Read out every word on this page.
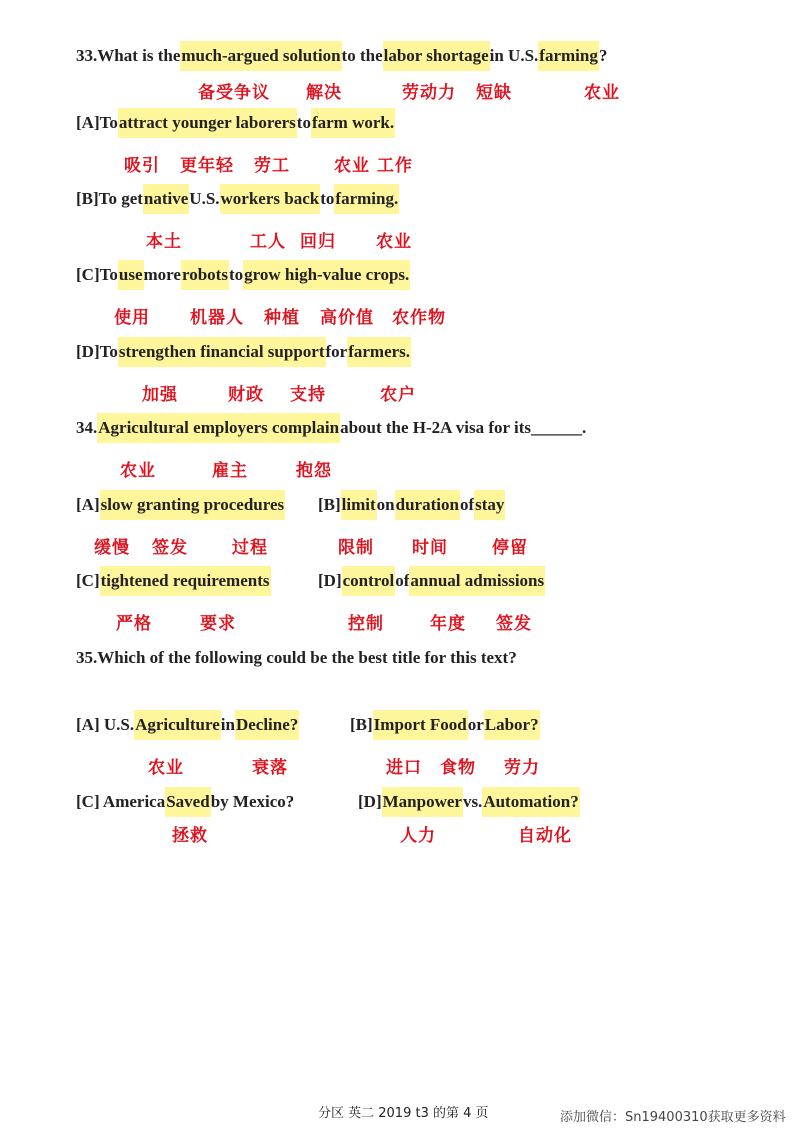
33.What is themuch-argued solutionto thelabor shortagein U.S.farming?
备受争议 解决	劳动力 短缺	农业
[A]Toattract younger laborerstofarm work.
吸引 更年轻 劳工	农业 工作
[B]To getnativeU.S.workers backtofarming.
本土	工人 回归 农业
[C]Tousemorerobotstogrow high-value crops.
使用 机器人 种植 高价值 农作物
[D]Tostrengthen financial supportforfarmers.
加强	财政 支持	农户
34.Agricultural employers complainabout the H-2A visa for its______.
农业	雇主	抱怨
[A]slow granting procedures [B]limitondurationofstay
缓慢 签发	过程	限制 时间	停留
[C]tightened requirements	[D]controlofannual admissions
严格	要求	控制	年度 签发
35.Which of the following could be the best title for this text?
[A] U.S.AgricultureinDecline?	[B]Import FoodorLabor?
农业	衰落	进口 食物 劳力
[C] AmericaSavedby Mexico?	[D]Manpowervs.Automation?
拯救	人力	自动化
分区 英二 2019 t3 的第 4 页	添加微信：Sn19400310获取更多资料
